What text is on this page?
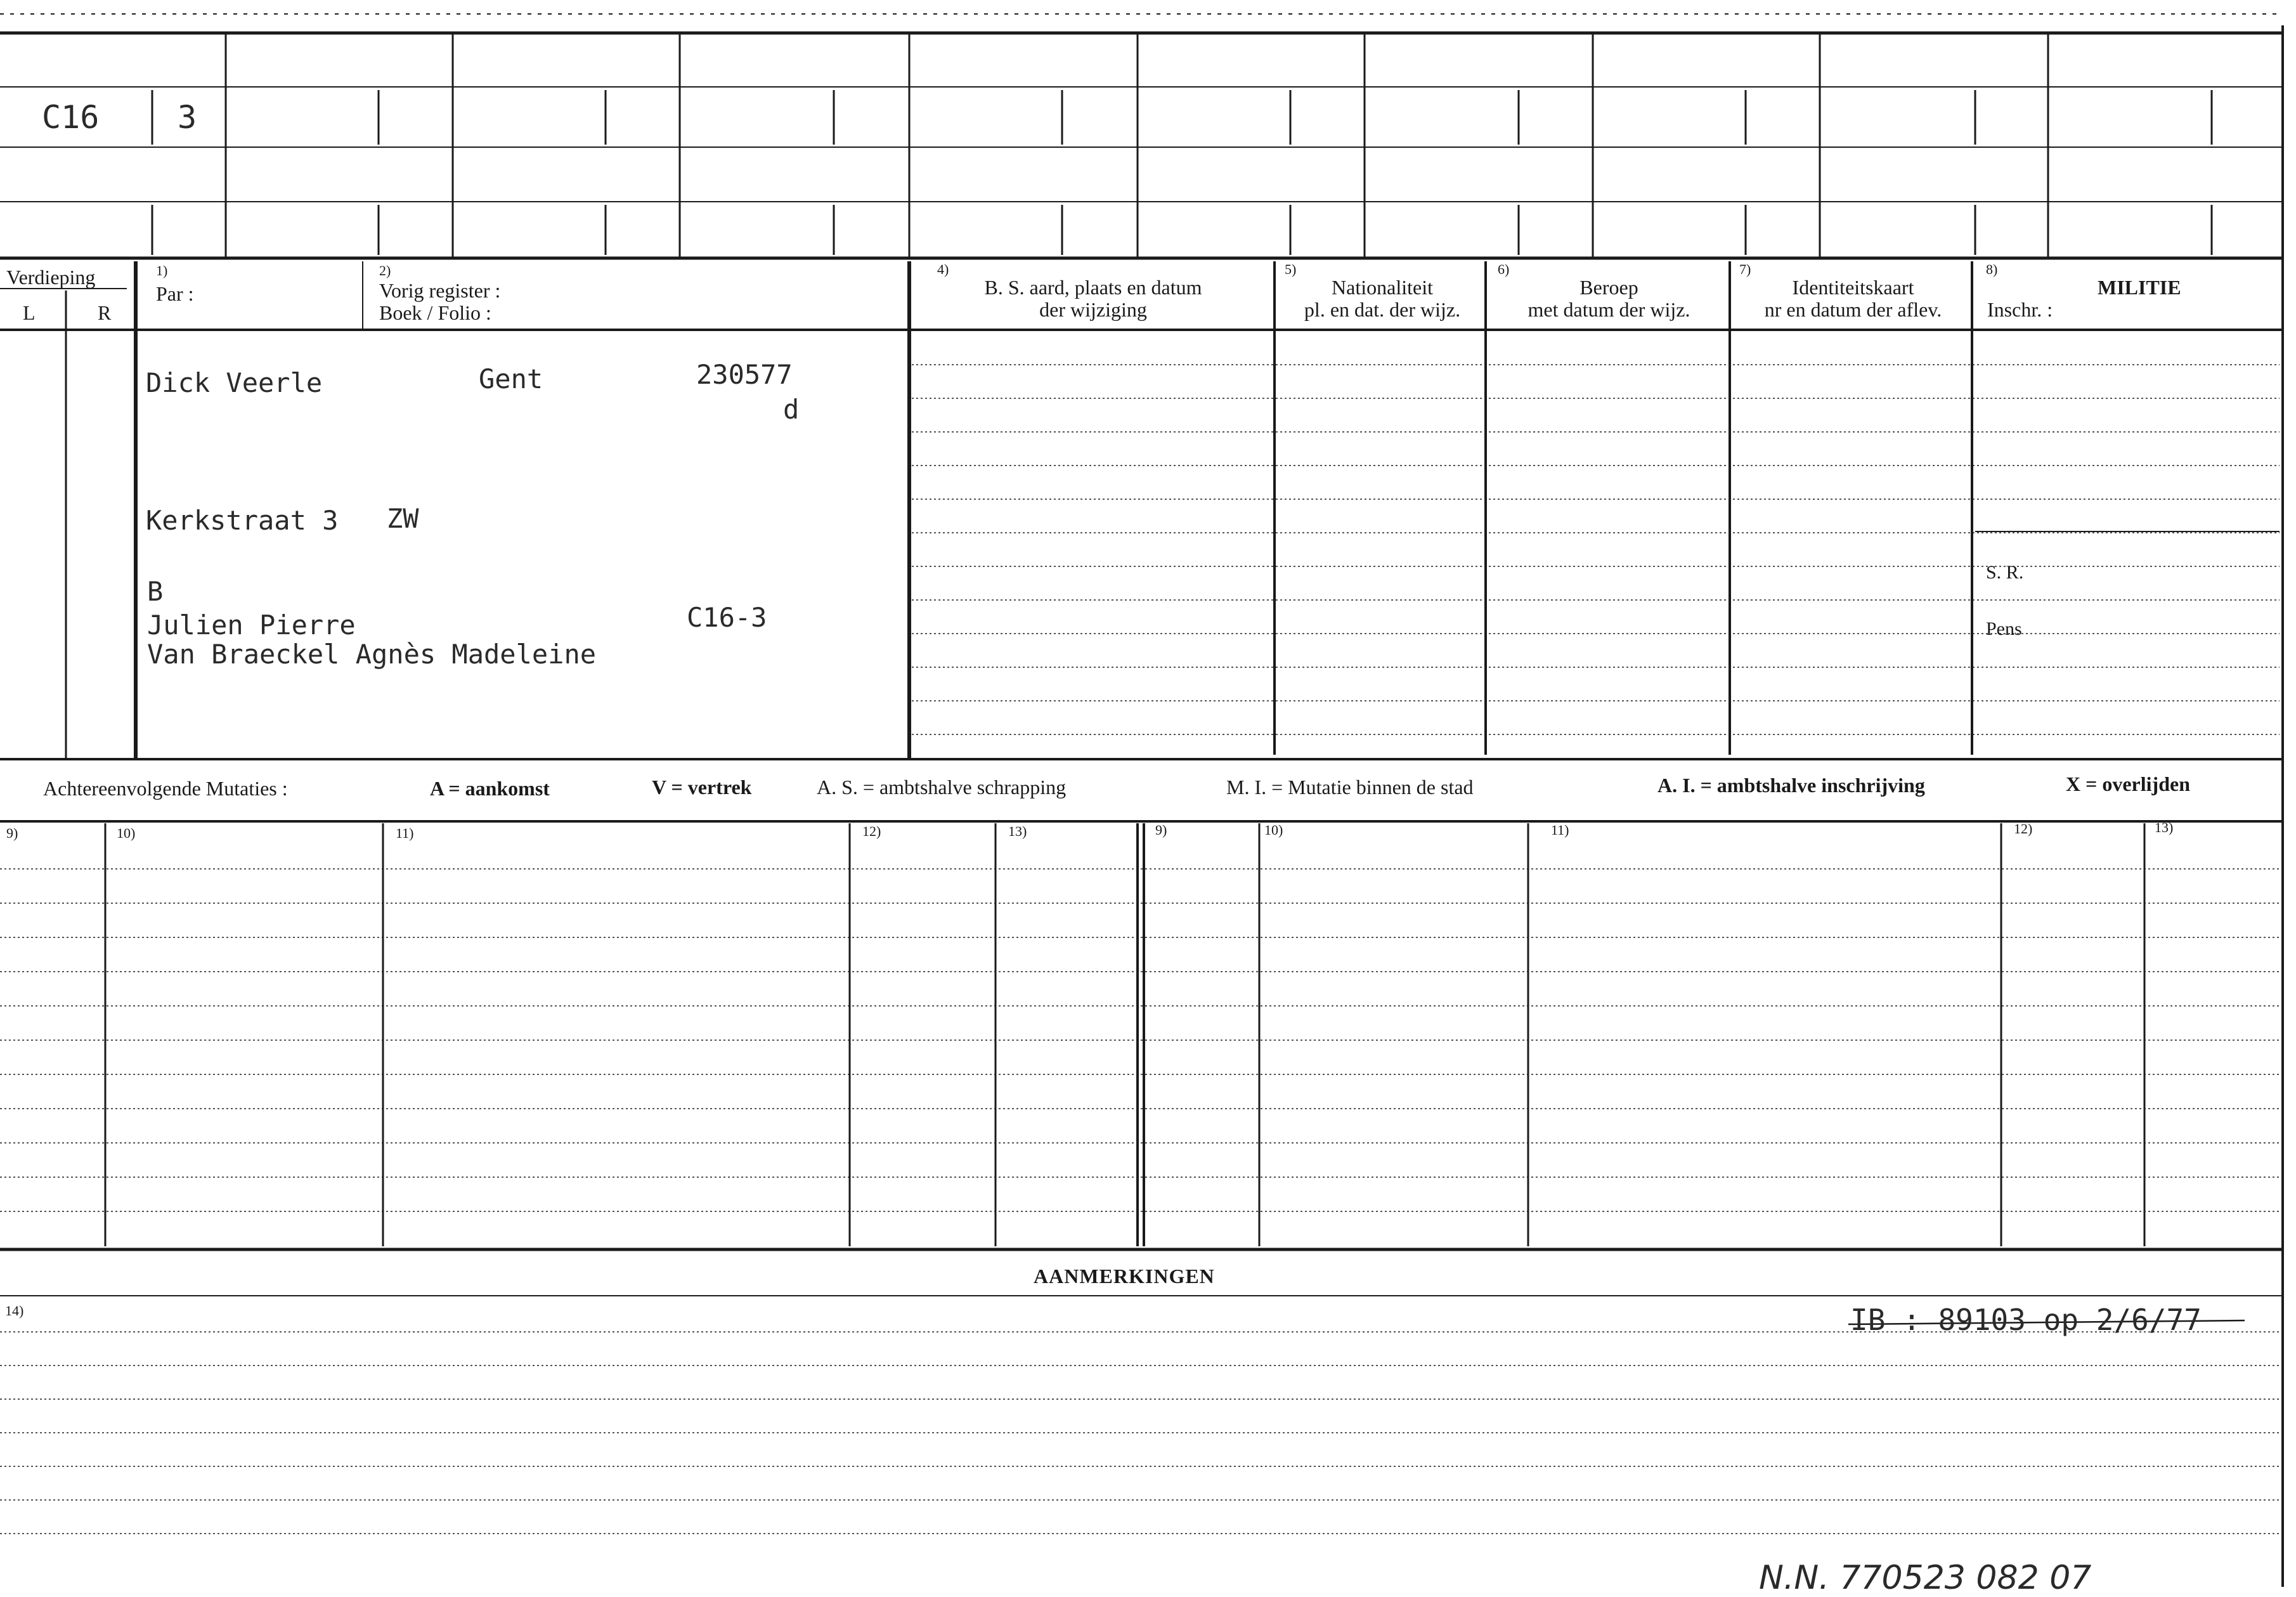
C16 3
Verdieping
L	R
1)
Par :
2)
Vorig register :
Boek / Folio :
4)
B. S. aard, plaats en datum
der wijziging
5)
Nationaliteit
pl. en dat. der wijz.
6)
Beroep
met datum der wijz.
7)
Identiteitskaart
nr en datum der aflev.
8)
MILITIE
Inschr. :
S. R.
Pens
Dick Veerle	Gent	230577
d
Kerkstraat 3 ZW
B
Julien Pierre	C16-3
Van Braeckel Agnès Madeleine
Achtereenvolgende Mutaties :	A = aankomst	V = vertrek	A. S. = ambtshalve schrapping	M. I. = Mutatie binnen de stad	A. I. = ambtshalve inschrijving	X = overlijden
9)	10)	11)	12)	13)	9)	10)	11)	12)	13)
AANMERKINGEN
14)	IB : 89103 op 2/6/77
N.N. 770523 082 07
